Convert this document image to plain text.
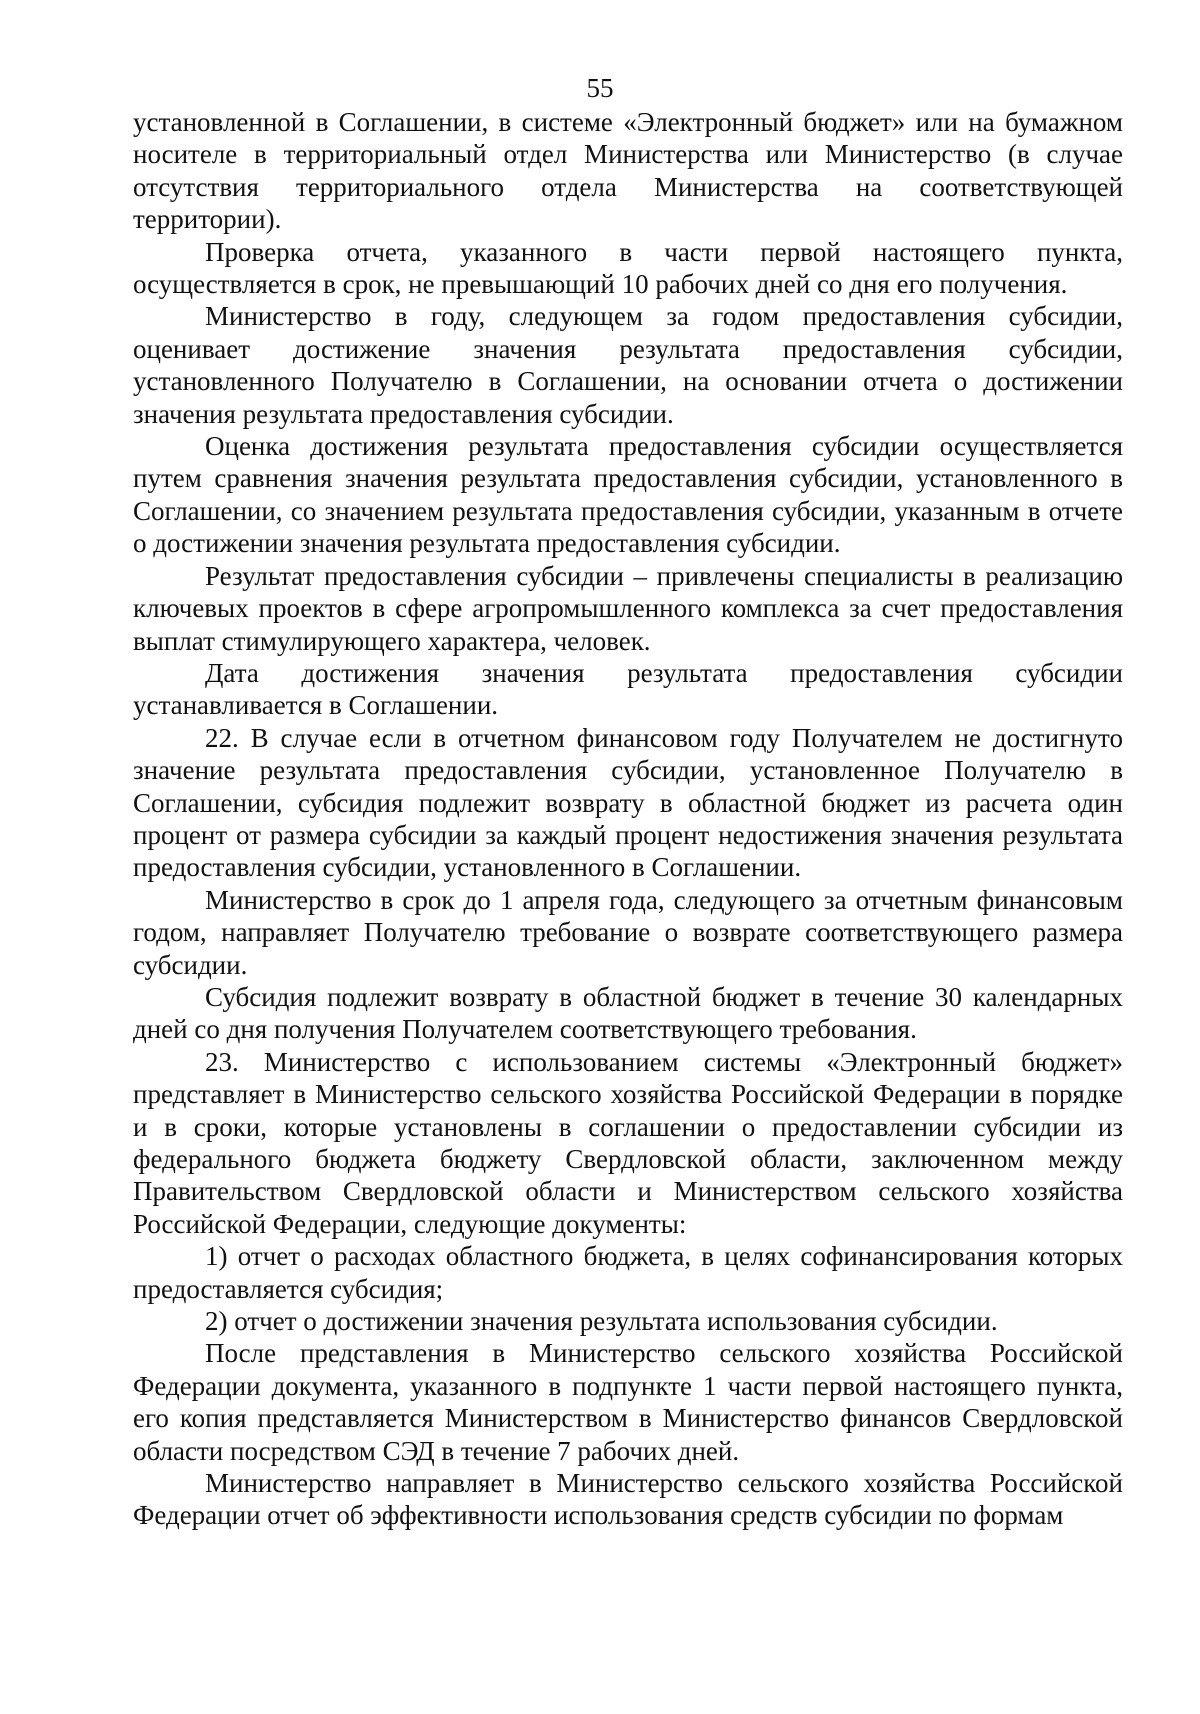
55

установленной в Соглашении, в системе «Электронный бюджет» или на бумажном носителе в территориальный отдел Министерства или Министерство (в случае отсутствия территориального отдела Министерства на соответствующей территории).

Проверка отчета, указанного в части первой настоящего пункта, осуществляется в срок, не превышающий 10 рабочих дней со дня его получения.

Министерство в году, следующем за годом предоставления субсидии, оценивает достижение значения результата предоставления субсидии, установленного Получателю в Соглашении, на основании отчета о достижении значения результата предоставления субсидии.

Оценка достижения результата предоставления субсидии осуществляется путем сравнения значения результата предоставления субсидии, установленного в Соглашении, со значением результата предоставления субсидии, указанным в отчете о достижении значения результата предоставления субсидии.

Результат предоставления субсидии – привлечены специалисты в реализацию ключевых проектов в сфере агропромышленного комплекса за счет предоставления выплат стимулирующего характера, человек.

Дата достижения значения результата предоставления субсидии устанавливается в Соглашении.

22. В случае если в отчетном финансовом году Получателем не достигнуто значение результата предоставления субсидии, установленное Получателю в Соглашении, субсидия подлежит возврату в областной бюджет из расчета один процент от размера субсидии за каждый процент недостижения значения результата предоставления субсидии, установленного в Соглашении.

Министерство в срок до 1 апреля года, следующего за отчетным финансовым годом, направляет Получателю требование о возврате соответствующего размера субсидии.

Субсидия подлежит возврату в областной бюджет в течение 30 календарных дней со дня получения Получателем соответствующего требования.

23. Министерство с использованием системы «Электронный бюджет» представляет в Министерство сельского хозяйства Российской Федерации в порядке и в сроки, которые установлены в соглашении о предоставлении субсидии из федерального бюджета бюджету Свердловской области, заключенном между Правительством Свердловской области и Министерством сельского хозяйства Российской Федерации, следующие документы:

1) отчет о расходах областного бюджета, в целях софинансирования которых предоставляется субсидия;

2) отчет о достижении значения результата использования субсидии.

После представления в Министерство сельского хозяйства Российской Федерации документа, указанного в подпункте 1 части первой настоящего пункта, его копия представляется Министерством в Министерство финансов Свердловской области посредством СЭД в течение 7 рабочих дней.

Министерство направляет в Министерство сельского хозяйства Российской Федерации отчет об эффективности использования средств субсидии по формам
